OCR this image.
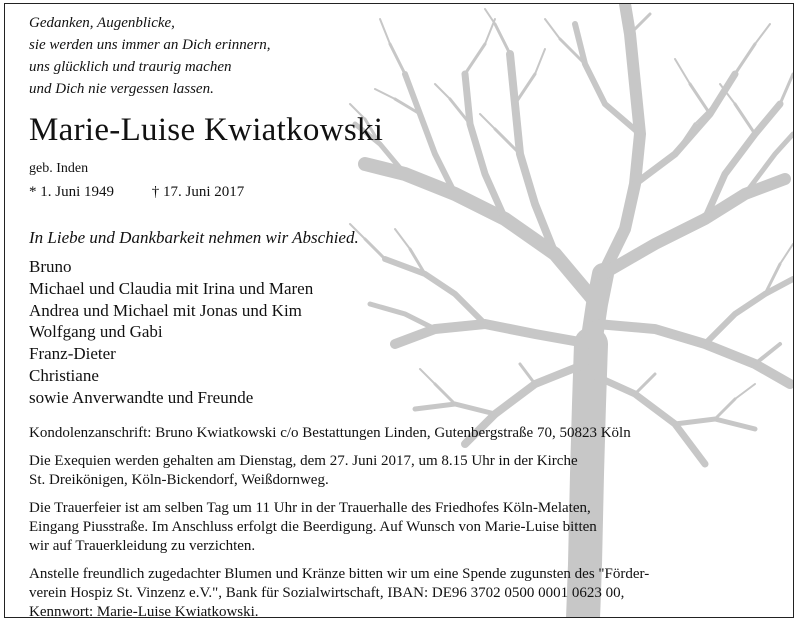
Gedanken, Augenblicke,
sie werden uns immer an Dich erinnern,
uns glücklich und traurig machen
und Dich nie vergessen lassen.
Marie-Luise Kwiatkowski
geb. Inden
* 1. Juni 1949	† 17. Juni 2017
In Liebe und Dankbarkeit nehmen wir Abschied.
Bruno
Michael und Claudia mit Irina und Maren
Andrea und Michael mit Jonas und Kim
Wolfgang und Gabi
Franz-Dieter
Christiane
sowie Anverwandte und Freunde

Kondolenzanschrift: Bruno Kwiatkowski c/o Bestattungen Linden, Gutenbergstraße 70, 50823 Köln

Die Exequien werden gehalten am Dienstag, dem 27. Juni 2017, um 8.15 Uhr in der Kirche
St. Dreikönigen, Köln-Bickendorf, Weißdornweg.

Die Trauerfeier ist am selben Tag um 11 Uhr in der Trauerhalle des Friedhofes Köln-Melaten,
Eingang Piusstraße. Im Anschluss erfolgt die Beerdigung. Auf Wunsch von Marie-Luise bitten
wir auf Trauerkleidung zu verzichten.

Anstelle freundlich zugedachter Blumen und Kränze bitten wir um eine Spende zugunsten des "Förder-
verein Hospiz St. Vinzenz e.V.", Bank für Sozialwirtschaft, IBAN: DE96 3702 0500 0001 0623 00,
Kennwort: Marie-Luise Kwiatkowski.
